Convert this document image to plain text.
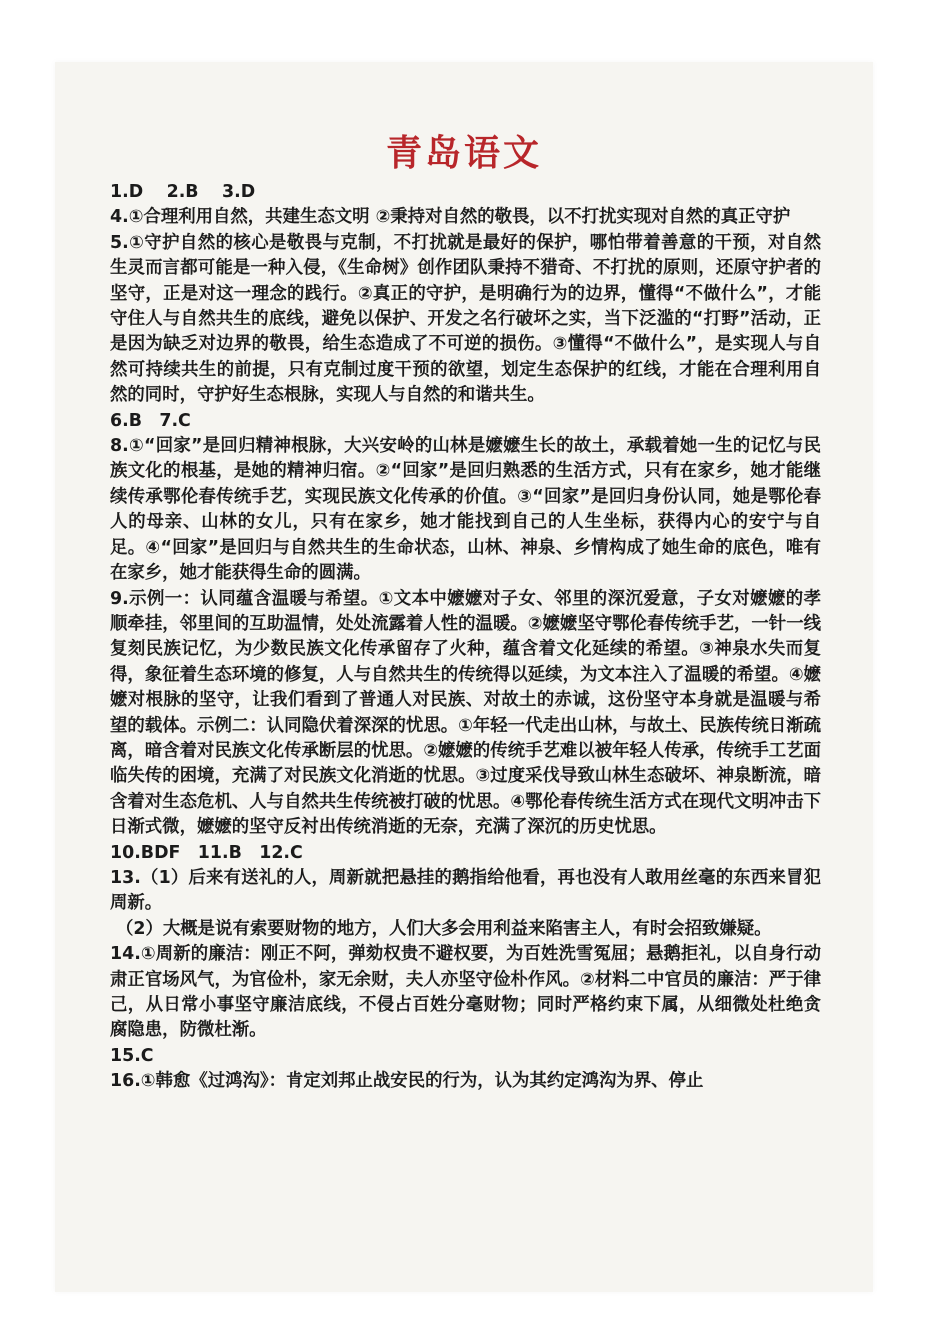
青岛语文

1.D　 2.B　 3.D

4.①合理利用自然，共建生态文明 ②秉持对自然的敬畏，以不打扰实现对自然的真正守护

5.①守护自然的核心是敬畏与克制，不打扰就是最好的保护，哪怕带着善意的干预，对自然生灵而言都可能是一种入侵，《生命树》创作团队秉持不猎奇、不打扰的原则，还原守护者的坚守，正是对这一理念的践行。②真正的守护，是明确行为的边界，懂得“不做什么”，才能守住人与自然共生的底线，避免以保护、开发之名行破坏之实，当下泛滥的“打野”活动，正是因为缺乏对边界的敬畏，给生态造成了不可逆的损伤。③懂得“不做什么”，是实现人与自然可持续共生的前提，只有克制过度干预的欲望，划定生态保护的红线，才能在合理利用自然的同时，守护好生态根脉，实现人与自然的和谐共生。

6.B　7.C

8.①“回家”是回归精神根脉，大兴安岭的山林是嬷嬷生长的故土，承载着她一生的记忆与民族文化的根基，是她的精神归宿。②“回家”是回归熟悉的生活方式，只有在家乡，她才能继续传承鄂伦春传统手艺，实现民族文化传承的价值。③“回家”是回归身份认同，她是鄂伦春人的母亲、山林的女儿，只有在家乡，她才能找到自己的人生坐标，获得内心的安宁与自足。④“回家”是回归与自然共生的生命状态，山林、神泉、乡情构成了她生命的底色，唯有在家乡，她才能获得生命的圆满。

9.示例一：认同蕴含温暖与希望。①文本中嬷嬷对子女、邻里的深沉爱意，子女对嬷嬷的孝顺牵挂，邻里间的互助温情，处处流露着人性的温暖。②嬷嬷坚守鄂伦春传统手艺，一针一线复刻民族记忆，为少数民族文化传承留存了火种，蕴含着文化延续的希望。③神泉水失而复得，象征着生态环境的修复，人与自然共生的传统得以延续，为文本注入了温暖的希望。④嬷嬷对根脉的坚守，让我们看到了普通人对民族、对故土的赤诚，这份坚守本身就是温暖与希望的载体。示例二：认同隐伏着深深的忧思。①年轻一代走出山林，与故土、民族传统日渐疏离，暗含着对民族文化传承断层的忧思。②嬷嬷的传统手艺难以被年轻人传承，传统手工艺面临失传的困境，充满了对民族文化消逝的忧思。③过度采伐导致山林生态破坏、神泉断流，暗含着对生态危机、人与自然共生传统被打破的忧思。④鄂伦春传统生活方式在现代文明冲击下日渐式微，嬷嬷的坚守反衬出传统消逝的无奈，充满了深沉的历史忧思。

10.BDF　11.B　12.C

13.（1）后来有送礼的人，周新就把悬挂的鹅指给他看，再也没有人敢用丝毫的东西来冒犯周新。

（2）大概是说有索要财物的地方，人们大多会用利益来陷害主人，有时会招致嫌疑。

14.①周新的廉洁：刚正不阿，弹劾权贵不避权要，为百姓洗雪冤屈；悬鹅拒礼，以自身行动肃正官场风气，为官俭朴，家无余财，夫人亦坚守俭朴作风。②材料二中官员的廉洁：严于律己，从日常小事坚守廉洁底线，不侵占百姓分毫财物；同时严格约束下属，从细微处杜绝贪腐隐患，防微杜渐。

15.C

16.①韩愈《过鸿沟》：肯定刘邦止战安民的行为，认为其约定鸿沟为界、停止
